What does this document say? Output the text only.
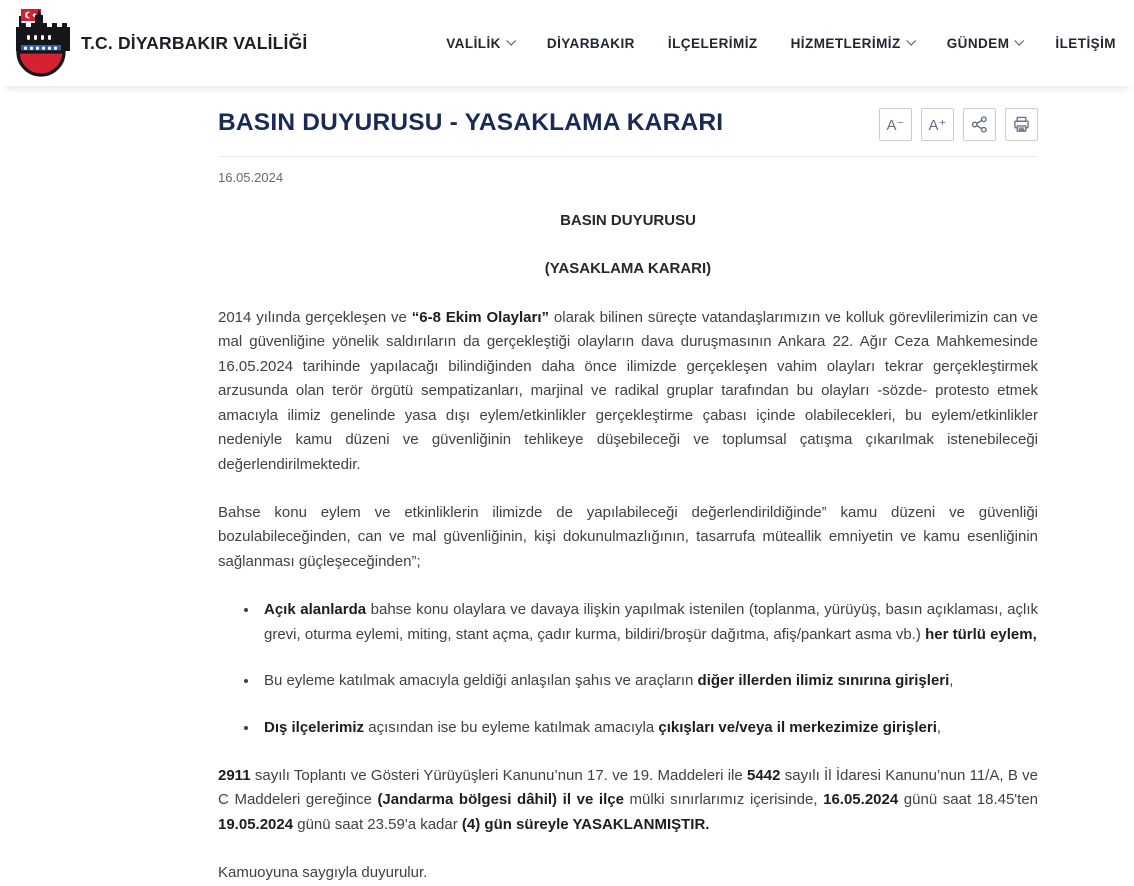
T.C. DİYARBAKIR VALİLİĞİ	VALİLİK	DİYARBAKIR İLÇELERİMİZ HİZMETLERİMİZ	GÜNDEM	İLETİŞİM
BASIN DUYURUSU - YASAKLAMA KARARI	A⁻	A⁺
16.05.2024
BASIN DUYURUSU
(YASAKLAMA KARARI)

2014 yılında gerçekleşen ve “6-8 Ekim Olayları” olarak bilinen süreçte vatandaşlarımızın ve kolluk görevlilerimizin can ve mal güvenliğine yönelik saldırıların da gerçekleştiği olayların dava duruşmasının Ankara 22. Ağır Ceza Mahkemesinde 16.05.2024 tarihinde yapılacağı bilindiğinden daha önce ilimizde gerçekleşen vahim olayları tekrar gerçekleştirmek arzusunda olan terör örgütü sempatizanları, marjinal ve radikal gruplar tarafından bu olayları -sözde- protesto etmek amacıyla ilimiz genelinde yasa dışı eylem/etkinlikler gerçekleştirme çabası içinde olabilecekleri, bu eylem/etkinlikler nedeniyle kamu düzeni ve güvenliğinin tehlikeye düşebileceği ve toplumsal çatışma çıkarılmak istenebileceği değerlendirilmektedir.

Bahse konu eylem ve etkinliklerin ilimizde de yapılabileceği değerlendirildiğinde” kamu düzeni ve güvenliği bozulabileceğinden, can ve mal güvenliğinin, kişi dokunulmazlığının, tasarrufa müteallik emniyetin ve kamu esenliğinin sağlanması güçleşeceğinden”;

• Açık alanlarda bahse konu olaylara ve davaya ilişkin yapılmak istenilen (toplanma, yürüyüş, basın açıklaması, açlık grevi, oturma eylemi, miting, stant açma, çadır kurma, bildiri/broşür dağıtma, afiş/pankart asma vb.) her türlü eylem,
• Bu eyleme katılmak amacıyla geldiği anlaşılan şahıs ve araçların diğer illerden ilimiz sınırına girişleri,
• Dış ilçelerimiz açısından ise bu eyleme katılmak amacıyla çıkışları ve/veya il merkezimize girişleri,

2911 sayılı Toplantı ve Gösteri Yürüyüşleri Kanunu’nun 17. ve 19. Maddeleri ile 5442 sayılı İl İdaresi Kanunu’nun 11/A, B ve C Maddeleri gereğince (Jandarma bölgesi dâhil) il ve ilçe mülki sınırlarımız içerisinde, 16.05.2024 günü saat 18.45'ten 19.05.2024 günü saat 23.59'a kadar (4) gün süreyle YASAKLANMIŞTIR.

Kamuoyuna saygıyla duyurulur.
